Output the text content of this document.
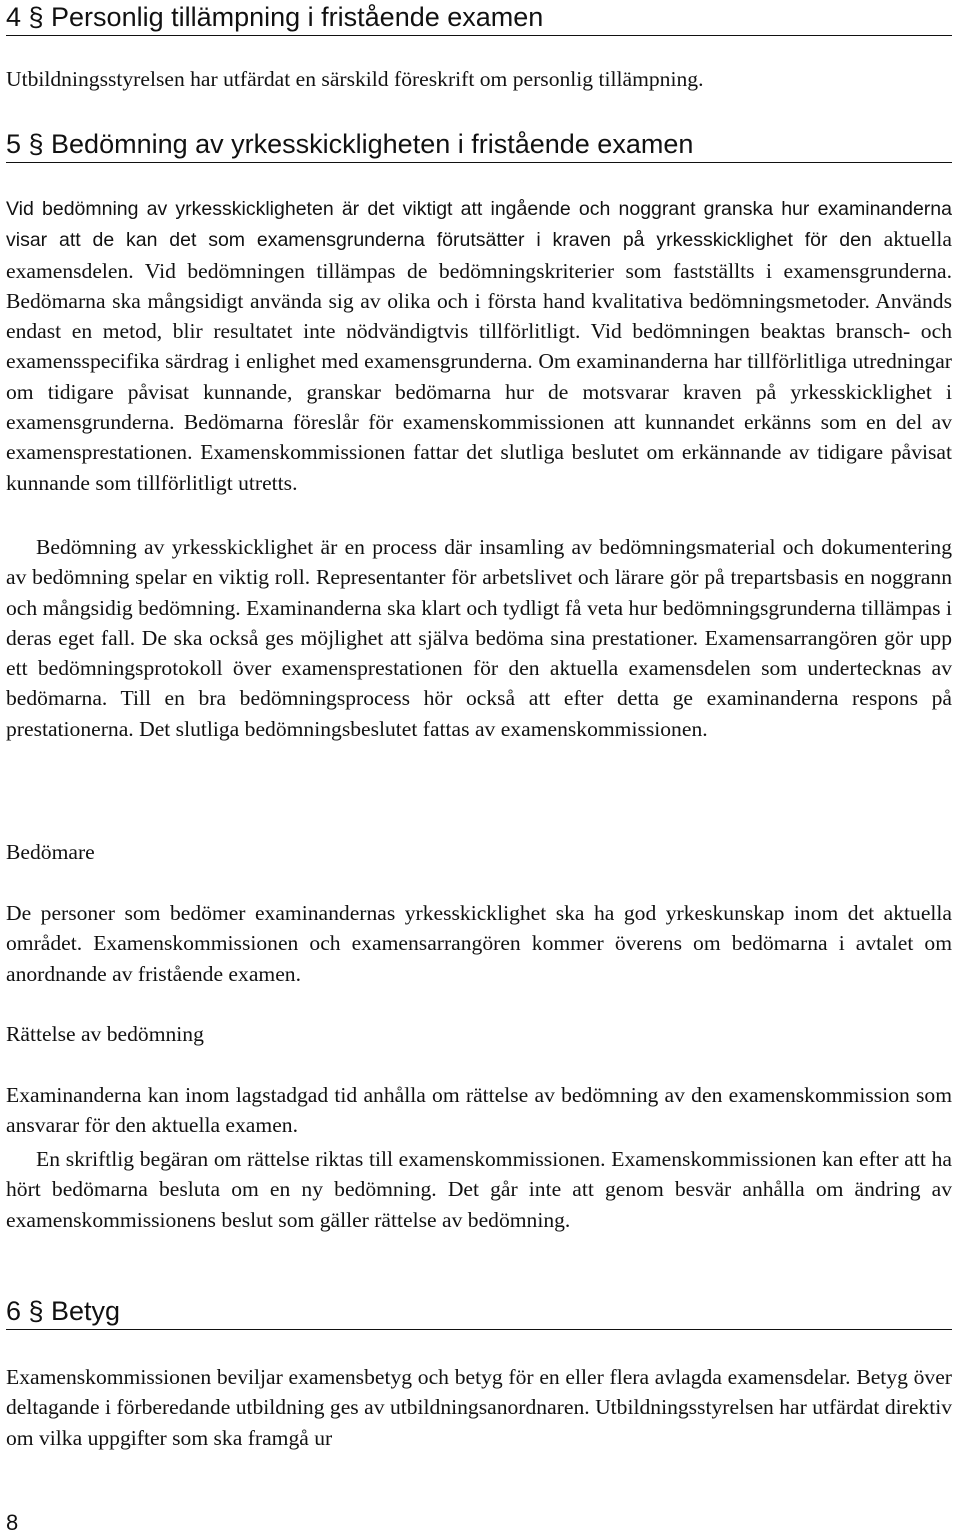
4 § Personlig tillämpning i fristående examen

Utbildningsstyrelsen har utfärdat en särskild föreskrift om personlig tillämpning.

5 § Bedömning av yrkesskickligheten i fristående examen

Vid bedömning av yrkesskickligheten är det viktigt att ingående och noggrant granska hur examinanderna visar att de kan det som examensgrunderna förutsätter i kraven på yrkesskicklighet för den aktuella examensdelen. Vid bedömningen tillämpas de bedömningskriterier som fastställts i examensgrunderna. Bedömarna ska mångsidigt använda sig av olika och i första hand kvalitativa bedömningsmetoder. Används endast en metod, blir resultatet inte nödvändigtvis tillförlitligt. Vid bedömningen beaktas bransch- och examensspecifika särdrag i enlighet med examensgrunderna. Om examinanderna har tillförlitliga utredningar om tidigare påvisat kunnande, granskar bedömarna hur de motsvarar kraven på yrkesskicklighet i examensgrunderna. Bedömarna föreslår för examenskommissionen att kunnandet erkänns som en del av examensprestationen. Examenskommissionen fattar det slutliga beslutet om erkännande av tidigare påvisat kunnande som tillförlitligt utretts.

Bedömning av yrkesskicklighet är en process där insamling av bedömningsmaterial och dokumentering av bedömning spelar en viktig roll. Representanter för arbetslivet och lärare gör på trepartsbasis en noggrann och mångsidig bedömning. Examinanderna ska klart och tydligt få veta hur bedömningsgrunderna tillämpas i deras eget fall. De ska också ges möjlighet att själva bedöma sina prestationer. Examensarrangören gör upp ett bedömningsprotokoll över examensprestationen för den aktuella examensdelen som undertecknas av bedömarna. Till en bra bedömningsprocess hör också att efter detta ge examinanderna respons på prestationerna. Det slutliga bedömningsbeslutet fattas av examenskommissionen.

Bedömare

De personer som bedömer examinandernas yrkesskicklighet ska ha god yrkeskunskap inom det aktuella området. Examenskommissionen och examensarrangören kommer överens om bedömarna i avtalet om anordnande av fristående examen.

Rättelse av bedömning

Examinanderna kan inom lagstadgad tid anhålla om rättelse av bedömning av den examenskommission som ansvarar för den aktuella examen.

En skriftlig begäran om rättelse riktas till examenskommissionen. Examenskommissionen kan efter att ha hört bedömarna besluta om en ny bedömning. Det går inte att genom besvär anhålla om ändring av examenskommissionens beslut som gäller rättelse av bedömning.

6 § Betyg

Examenskommissionen beviljar examensbetyg och betyg för en eller flera avlagda examensdelar. Betyg över deltagande i förberedande utbildning ges av utbildningsanordnaren. Utbildningsstyrelsen har utfärdat direktiv om vilka uppgifter som ska framgå ur

8
